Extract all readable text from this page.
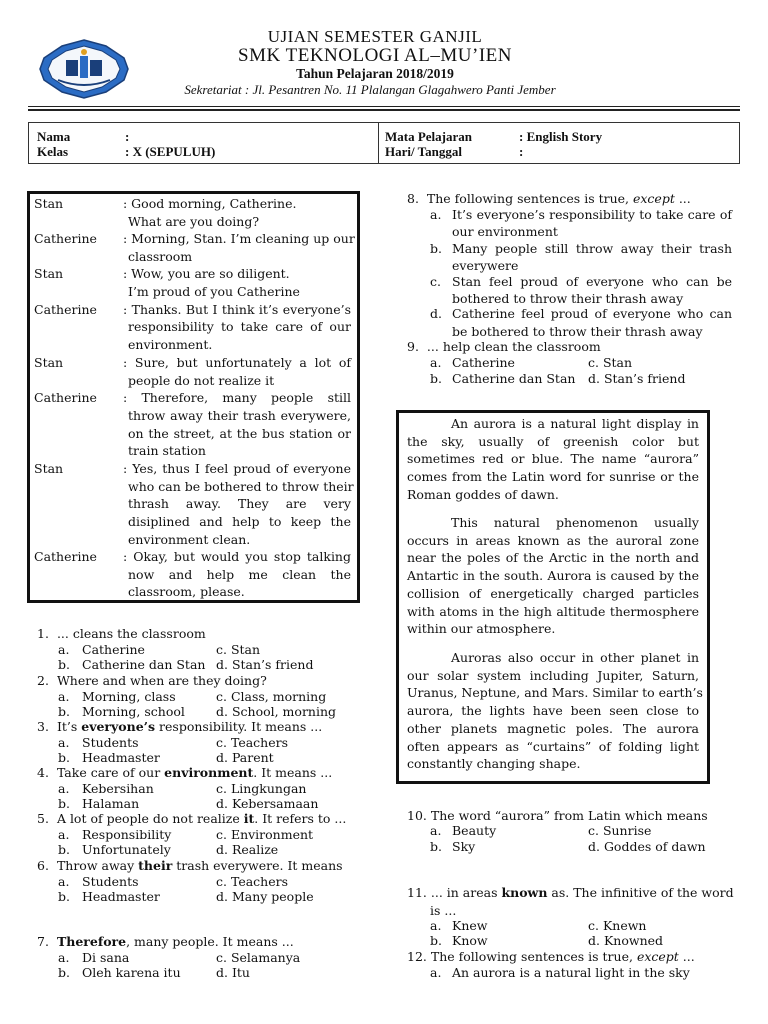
UJIAN SEMESTER GANJIL
SMK TEKNOLOGI AL–MU’IEN
Tahun Pelajaran 2018/2019
Sekretariat : Jl. Pesantren No. 11 Plalangan Glagahwero Panti Jember
Nama	:
Kelas	: X (SEPULUH)
Mata Pelajaran	: English Story
Hari/ Tanggal	:
Stan	: Good morning, Catherine.
What are you doing?
Catherine : Morning, Stan. I’m cleaning up our
classroom
Stan	: Wow, you are so diligent.
I’m proud of you Catherine
Catherine : Thanks. But I think it’s everyone’s
responsibility to take care of our
environment.
Stan	: Sure, but unfortunately a lot of
people do not realize it
Catherine : Therefore, many people still
throw away their trash everywere,
on the street, at the bus station or
train station
Stan	: Yes, thus I feel proud of everyone
who can be bothered to throw their
thrash away. They are very
disiplined and help to keep the
environment clean.
Catherine : Okay, but would you stop talking
now and help me clean the
classroom, please.
1. ... cleans the classroom
a. Catherine	c. Stan
b. Catherine dan Stan d. Stan’s friend
2. Where and when are they doing?
a. Morning, class	c. Class, morning
b. Morning, school d. School, morning
3. It’s everyone’s responsibility. It means ...
a. Students	c. Teachers
b. Headmaster	d. Parent
4. Take care of our environment. It means ...
a. Kebersihan	c. Lingkungan
b. Halaman	d. Kebersamaan
5. A lot of people do not realize it. It refers to ...
a. Responsibility	c. Environment
b. Unfortunately	d. Realize
6. Throw away their trash everywere. It means
a. Students	c. Teachers
b. Headmaster	d. Many people
7. Therefore, many people. It means ...
a. Di sana	c. Selamanya
b. Oleh karena itu	d. Itu
8. The following sentences is true, except ...
a. It’s everyone’s responsibility to take care of
our environment
b. Many people still throw away their trash
everywere
c. Stan feel proud of everyone who can be
bothered to throw their thrash away
d. Catherine feel proud of everyone who can
be bothered to throw their thrash away
9. ... help clean the classroom
a. Catherine	c. Stan
b. Catherine dan Stan d. Stan’s friend
An aurora is a natural light display in
the sky, usually of greenish color but
sometimes red or blue. The name “aurora”
comes from the Latin word for sunrise or the
Roman goddes of dawn.
This natural phenomenon usually
occurs in areas known as the auroral zone
near the poles of the Arctic in the north and
Antartic in the south. Aurora is caused by the
collision of energetically charged particles
with atoms in the high altitude thermosphere
within our atmosphere.
Auroras also occur in other planet in
our solar system including Jupiter, Saturn,
Uranus, Neptune, and Mars. Similar to earth’s
aurora, the lights have been seen close to
other planets magnetic poles. The aurora
often appears as “curtains” of folding light
constantly changing shape.
10. The word “aurora” from Latin which means
a. Beauty	c. Sunrise
b. Sky	d. Goddes of dawn
11. ... in areas known as. The infinitive of the word
is ...
a. Knew	c. Knewn
b. Know	d. Knowned
12. The following sentences is true, except ...
a. An aurora is a natural light in the sky
